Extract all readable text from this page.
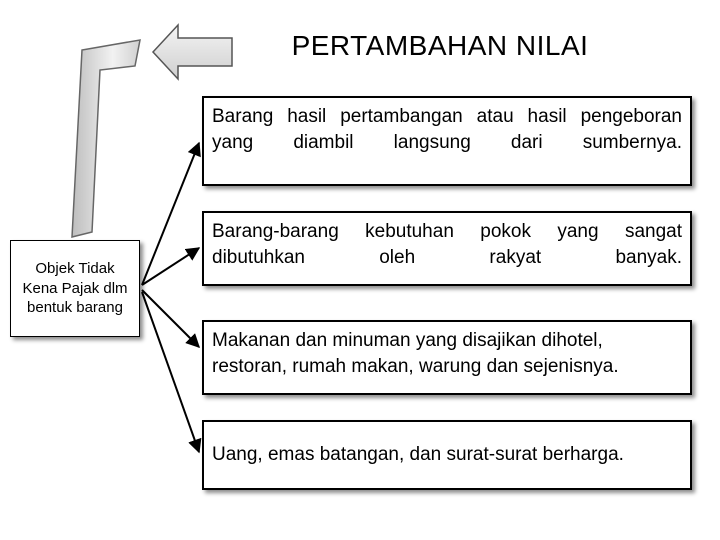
PERTAMBAHAN NILAI
Objek Tidak Kena Pajak dlm bentuk barang
Barang hasil pertambangan atau hasil pengeboran yang diambil langsung dari sumbernya.
Barang-barang kebutuhan pokok yang sangat dibutuhkan oleh rakyat banyak.
Makanan dan minuman yang disajikan dihotel, restoran, rumah makan, warung dan sejenisnya.
Uang, emas batangan, dan surat-surat berharga.
